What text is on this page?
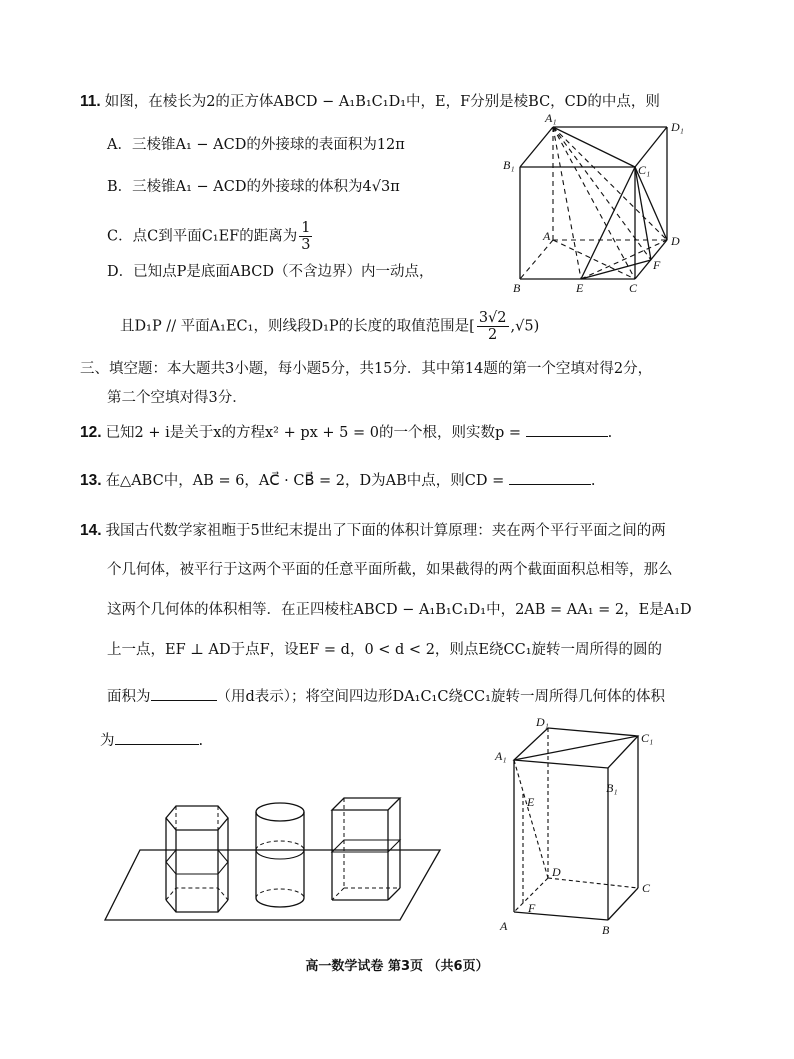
11. 如图，在棱长为2的正方体ABCD − A₁B₁C₁D₁中，E，F分别是棱BC，CD的中点，则
A．三棱锥A₁ − ACD的外接球的表面积为12π
B．三棱锥A₁ − ACD的外接球的体积为4√3π
C．点C到平面C₁EF的距离为 $\frac{1}{3}$
D．已知点P是底面ABCD（不含边界）内一动点，
且D₁P // 平面A₁EC₁，则线段D₁P的长度的取值范围是[ $\frac{3√2}{2} ,√5$)
A₁
D₁
B₁	C₁
A	D
F
B	E	C
三、填空题：本大题共3小题，每小题5分，共15分．其中第14题的第一个空填对得2分，
第二个空填对得3分．
12. 已知2 + i是关于x的方程x² + px + 5 = 0的一个根，则实数p =	.
13. 在△ABC中，AB = 6，AC⃗ · CB⃗ = 2，D为AB中点，则CD =	.
14. 我国古代数学家祖暅于5世纪末提出了下面的体积计算原理：夹在两个平行平面之间的两
个几何体，被平行于这两个平面的任意平面所截，如果截得的两个截面面积总相等，那么
这两个几何体的体积相等．在正四棱柱ABCD − A₁B₁C₁D₁中，2AB = AA₁ = 2，E是A₁D
上一点，EF ⊥ AD于点F，设EF = d，0 < d < 2，则点E绕CC₁旋转一周所得的圆的
面积为	（用d表示）；将空间四边形DA₁C₁C绕CC₁旋转一周所得几何体的体积
为	.
D₁
C₁
A₁
B₁
E
D
C
F
A	B
高一数学试卷 第3页 （共6页）
